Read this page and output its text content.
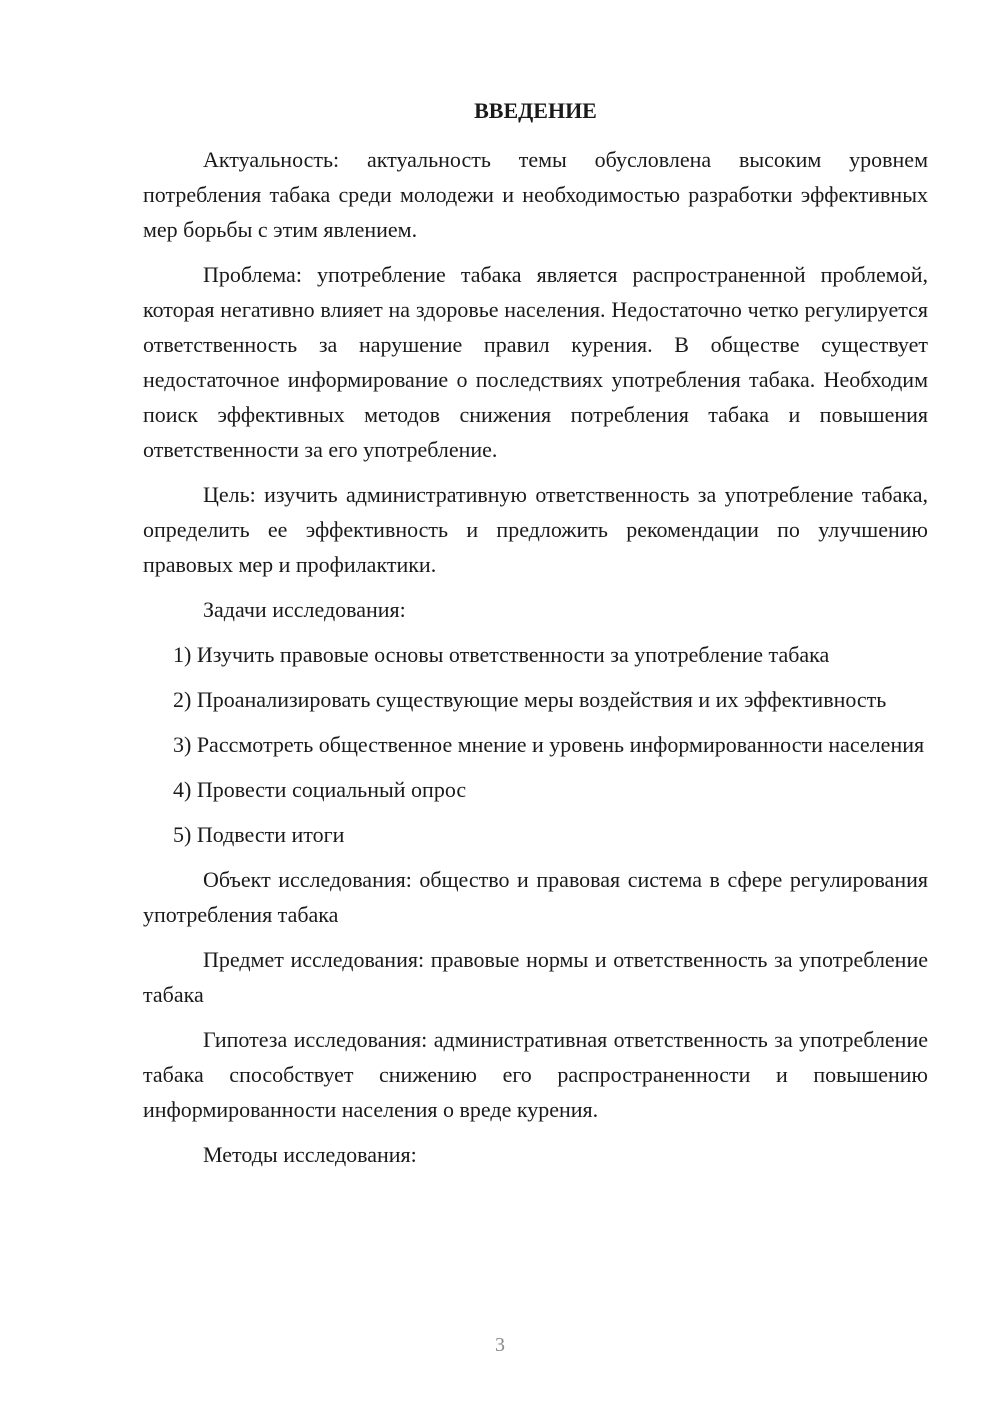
ВВЕДЕНИЕ

Актуальность: актуальность темы обусловлена высоким уровнем потребления табака среди молодежи и необходимостью разработки эффективных мер борьбы с этим явлением.

Проблема: употребление табака является распространенной проблемой, которая негативно влияет на здоровье населения. Недостаточно четко регулируется ответственность за нарушение правил курения. В обществе существует недостаточное информирование о последствиях употребления табака. Необходим поиск эффективных методов снижения потребления табака и повышения ответственности за его употребление.

Цель: изучить административную ответственность за употребление табака, определить ее эффективность и предложить рекомендации по улучшению правовых мер и профилактики.

Задачи исследования:

1) Изучить правовые основы ответственности за употребление табака

2) Проанализировать существующие меры воздействия и их эффективность

3) Рассмотреть общественное мнение и уровень информированности населения

4) Провести социальный опрос

5) Подвести итоги

Объект исследования: общество и правовая система в сфере регулирования употребления табака

Предмет исследования: правовые нормы и ответственность за употребление табака

Гипотеза исследования: административная ответственность за употребление табака способствует снижению его распространенности и повышению информированности населения о вреде курения.

Методы исследования:

3
